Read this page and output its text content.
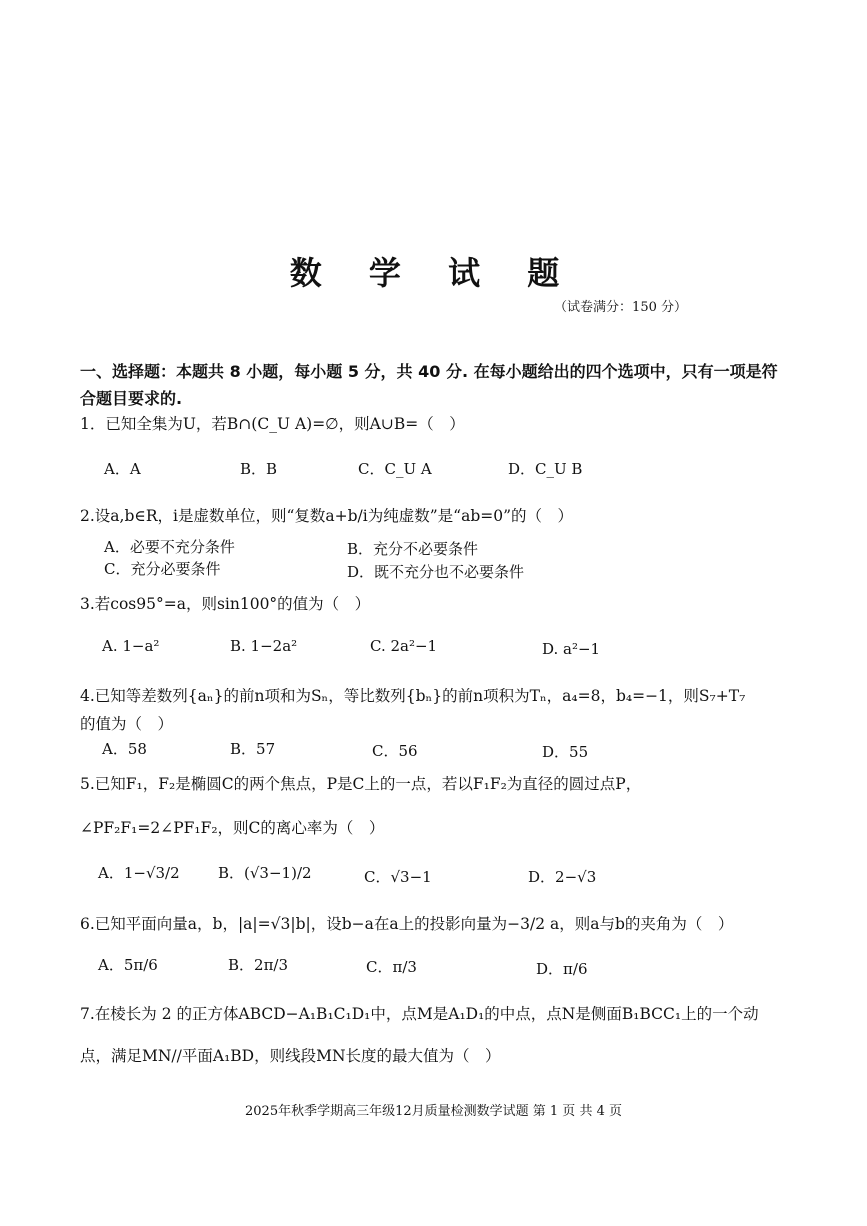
数 学 试 题
（试卷满分：150 分）
一、选择题：本题共 8 小题，每小题 5 分，共 40 分. 在每小题给出的四个选项中，只有一项是符合题目要求的.
1．已知全集为U，若B∩(C_U A)=∅，则A∪B=（　）
A．A	B．B	C．C_U A	D．C_U B
2.设a,b∈R，i是虚数单位，则“复数a+b/i为纯虚数”是“ab=0”的（　）
A．必要不充分条件	B．充分不必要条件
C．充分必要条件	D．既不充分也不必要条件
3.若cos95°=a，则sin100°的值为（　）
A. 1−a²	B. 1−2a²	C. 2a²−1	D. a²−1
4.已知等差数列{aₙ}的前n项和为Sₙ，等比数列{bₙ}的前n项积为Tₙ，a₄=8，b₄=−1，则S₇+T₇
的值为（　）
A．58	B．57	C．56	D．55
5.已知F₁，F₂是椭圆C的两个焦点，P是C上的一点，若以F₁F₂为直径的圆过点P，
∠PF₂F₁=2∠PF₁F₂，则C的离心率为（　）
A．1−√3/2	B．(√3−1)/2	C．√3−1	D．2−√3
6.已知平面向量a，b，|a|=√3|b|，设b−a在a上的投影向量为−3/2 a，则a与b的夹角为（　）
A．5π/6	B．2π/3	C．π/3	D．π/6
7.在棱长为 2 的正方体ABCD−A₁B₁C₁D₁中，点M是A₁D₁的中点，点N是侧面B₁BCC₁上的一个动
点，满足MN//平面A₁BD，则线段MN长度的最大值为（　）
2025年秋季学期高三年级12月质量检测数学试题 第 1 页 共 4 页
